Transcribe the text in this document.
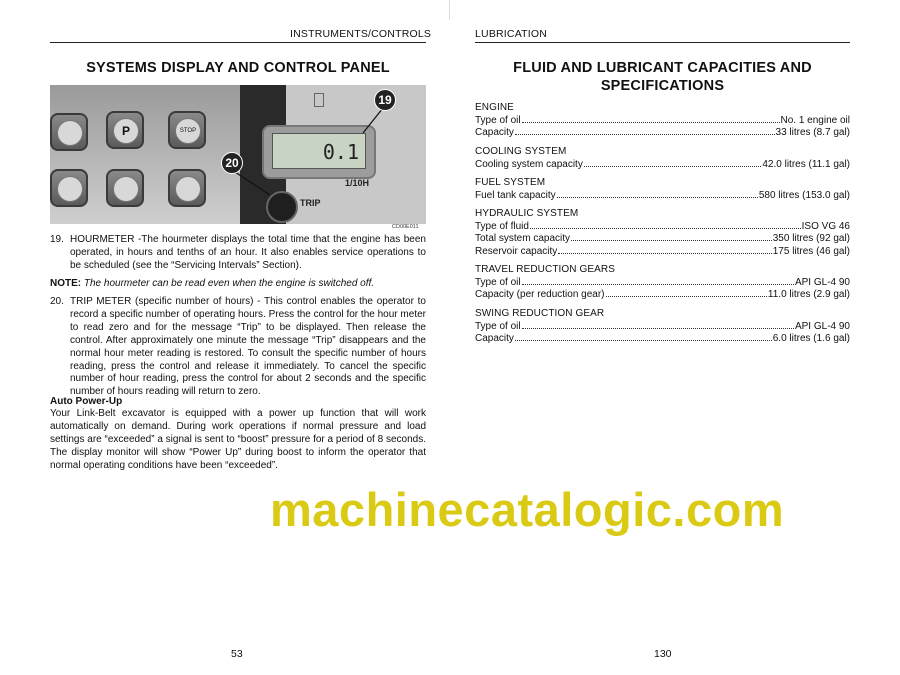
INSTRUMENTS/CONTROLS
SYSTEMS DISPLAY AND CONTROL PANEL
P	STOP
0.1
1/10H
TRIP
19
20
CD00E011
19. HOURMETER -The hourmeter displays the total time that the engine has been operated, in hours and tenths of an hour. It also enables service operations to be scheduled (see the “Servicing Intervals” Section).
NOTE: The hourmeter can be read even when the engine is switched off.
20. TRIP METER (specific number of hours) - This control enables the operator to record a specific number of operating hours. Press the control for the hour meter to read zero and for the message “Trip” to be displayed. Then release the control. After approximately one minute the message “Trip” disappears and the normal hour meter reading is restored. To consult the specific number of hours reading, press the control and release it immediately. To cancel the specific number of hour reading, press the control for about 2 seconds and the specific number of hours reading will return to zero.
Auto Power-Up
Your Link-Belt excavator is equipped with a power up function that will work automatically on demand. During work operations if normal pressure and load settings are “exceeded” a signal is sent to “boost” pressure for a period of 8 seconds. The display monitor will show “Power Up” during boost to inform the operator that normal operating conditions have been “exceeded”.
53
LUBRICATION
FLUID AND LUBRICANT CAPACITIES AND
SPECIFICATIONS
ENGINE
Type of oil	No. 1 engine oil
Capacity	33 litres (8.7 gal)
COOLING SYSTEM
Cooling system capacity	42.0 litres (11.1 gal)
FUEL SYSTEM
Fuel tank capacity	580 litres (153.0 gal)
HYDRAULIC SYSTEM
Type of fluid	ISO VG 46
Total system capacity	350 litres (92 gal)
Reservoir capacity	175 litres (46 gal)
TRAVEL REDUCTION GEARS
Type of oil	API GL-4 90
Capacity (per reduction gear)	11.0 litres (2.9 gal)
SWING REDUCTION GEAR
Type of oil	API GL-4 90
Capacity	6.0 litres (1.6 gal)
130
machinecatalogic.com
